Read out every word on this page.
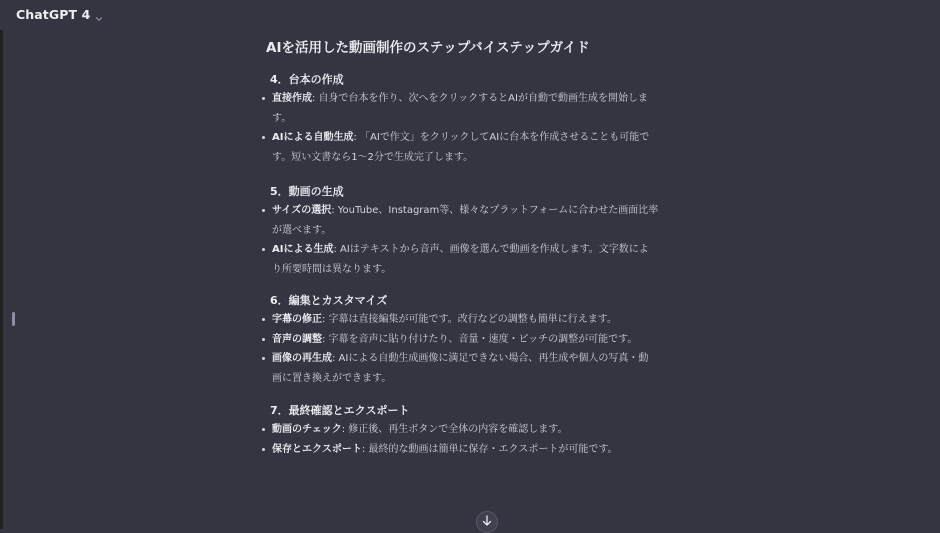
ChatGPT 4
AIを活用した動画制作のステップバイステップガイド
4．台本の作成
直接作成: 自身で台本を作り、次へをクリックするとAIが自動で動画生成を開始しま
す。
AIによる自動生成: 「AIで作文」をクリックしてAIに台本を作成させることも可能で
す。短い文書なら1〜2分で生成完了します。
5．動画の生成
サイズの選択: YouTube、Instagram等、様々なプラットフォームに合わせた画面比率
が選べます。
AIによる生成: AIはテキストから音声、画像を選んで動画を作成します。文字数によ
り所要時間は異なります。
6．編集とカスタマイズ
字幕の修正: 字幕は直接編集が可能です。改行などの調整も簡単に行えます。
音声の調整: 字幕を音声に貼り付けたり、音量・速度・ピッチの調整が可能です。
画像の再生成: AIによる自動生成画像に満足できない場合、再生成や個人の写真・動
画に置き換えができます。
7．最終確認とエクスポート
動画のチェック: 修正後、再生ボタンで全体の内容を確認します。
保存とエクスポート: 最終的な動画は簡単に保存・エクスポートが可能です。
